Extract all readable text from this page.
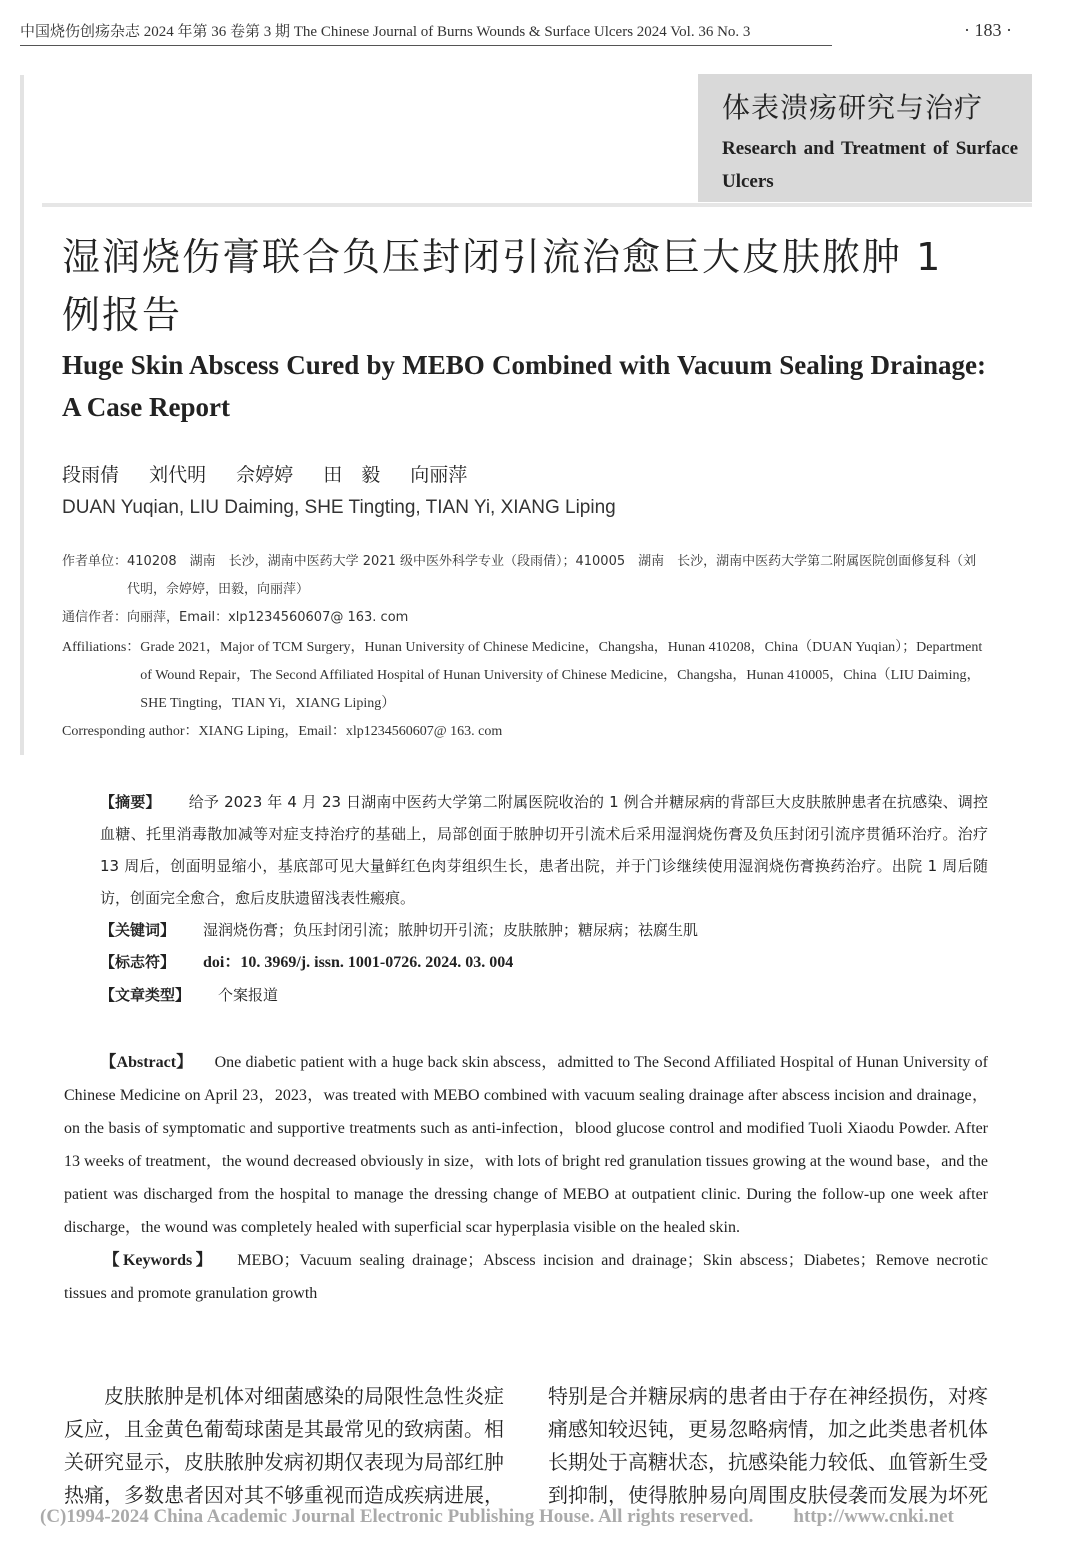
中国烧伤创疡杂志 2024 年第 36 卷第 3 期 The Chinese Journal of Burns Wounds & Surface Ulcers 2024 Vol. 36 No. 3	· 183 ·
体表溃疡研究与治疗
Research and Treatment of Surface Ulcers
湿润烧伤膏联合负压封闭引流治愈巨大皮肤脓肿 1 例报告
Huge Skin Abscess Cured by MEBO Combined with Vacuum Sealing Drainage: A Case Report
段雨倩 刘代明 佘婷婷 田　毅 向丽萍
DUAN Yuqian, LIU Daiming, SHE Tingting, TIAN Yi, XIANG Liping
作者单位： 410208　湖南　长沙，湖南中医药大学 2021 级中医外科学专业（段雨倩）；410005　湖南　长沙，湖南中医药大学第二附属医院创面修复科（刘代明，佘婷婷，田毅，向丽萍）
通信作者： 向丽萍，Email：xlp1234560607@ 163. com
Affiliations： Grade 2021，Major of TCM Surgery，Hunan University of Chinese Medicine，Changsha，Hunan 410208，China（DUAN Yuqian）；Department of Wound Repair，The Second Affiliated Hospital of Hunan University of Chinese Medicine，Changsha，Hunan 410005，China（LIU Daiming，SHE Tingting，TIAN Yi，XIANG Liping）
Corresponding author： XIANG Liping，Email：xlp1234560607@ 163. com
【摘要】 给予 2023 年 4 月 23 日湖南中医药大学第二附属医院收治的 1 例合并糖尿病的背部巨大皮肤脓肿患者在抗感染、调控血糖、托里消毒散加减等对症支持治疗的基础上，局部创面于脓肿切开引流术后采用湿润烧伤膏及负压封闭引流序贯循环治疗。治疗 13 周后，创面明显缩小，基底部可见大量鲜红色肉芽组织生长，患者出院，并于门诊继续使用湿润烧伤膏换药治疗。出院 1 周后随访，创面完全愈合，愈后皮肤遗留浅表性瘢痕。
【关键词】 湿润烧伤膏；负压封闭引流；脓肿切开引流；皮肤脓肿；糖尿病；祛腐生肌
【标志符】 doi：10. 3969/j. issn. 1001-0726. 2024. 03. 004
【文章类型】 个案报道
【Abstract】 One diabetic patient with a huge back skin abscess，admitted to The Second Affiliated Hospital of Hunan University of Chinese Medicine on April 23，2023，was treated with MEBO combined with vacuum sealing drainage after abscess incision and drainage，on the basis of symptomatic and supportive treatments such as anti-infection，blood glucose control and modified Tuoli Xiaodu Powder. After 13 weeks of treatment，the wound decreased obviously in size，with lots of bright red granulation tissues growing at the wound base，and the patient was discharged from the hospital to manage the dressing change of MEBO at outpatient clinic. During the follow-up one week after discharge，the wound was completely healed with superficial scar hyperplasia visible on the healed skin.
【Keywords】 MEBO；Vacuum sealing drainage；Abscess incision and drainage；Skin abscess；Diabetes；Remove necrotic tissues and promote granulation growth

皮肤脓肿是机体对细菌感染的局限性急性炎症反应，且金黄色葡萄球菌是其最常见的致病菌。相关研究显示，皮肤脓肿发病初期仅表现为局部红肿热痛，多数患者因对其不够重视而造成疾病进展，

特别是合并糖尿病的患者由于存在神经损伤，对疼痛感知较迟钝，更易忽略病情，加之此类患者机体长期处于高糖状态，抗感染能力较低、血管新生受到抑制，使得脓肿易向周围皮肤侵袭而发展为坏死

(C)1994-2024 China Academic Journal Electronic Publishing House. All rights reserved. http://www.cnki.net
